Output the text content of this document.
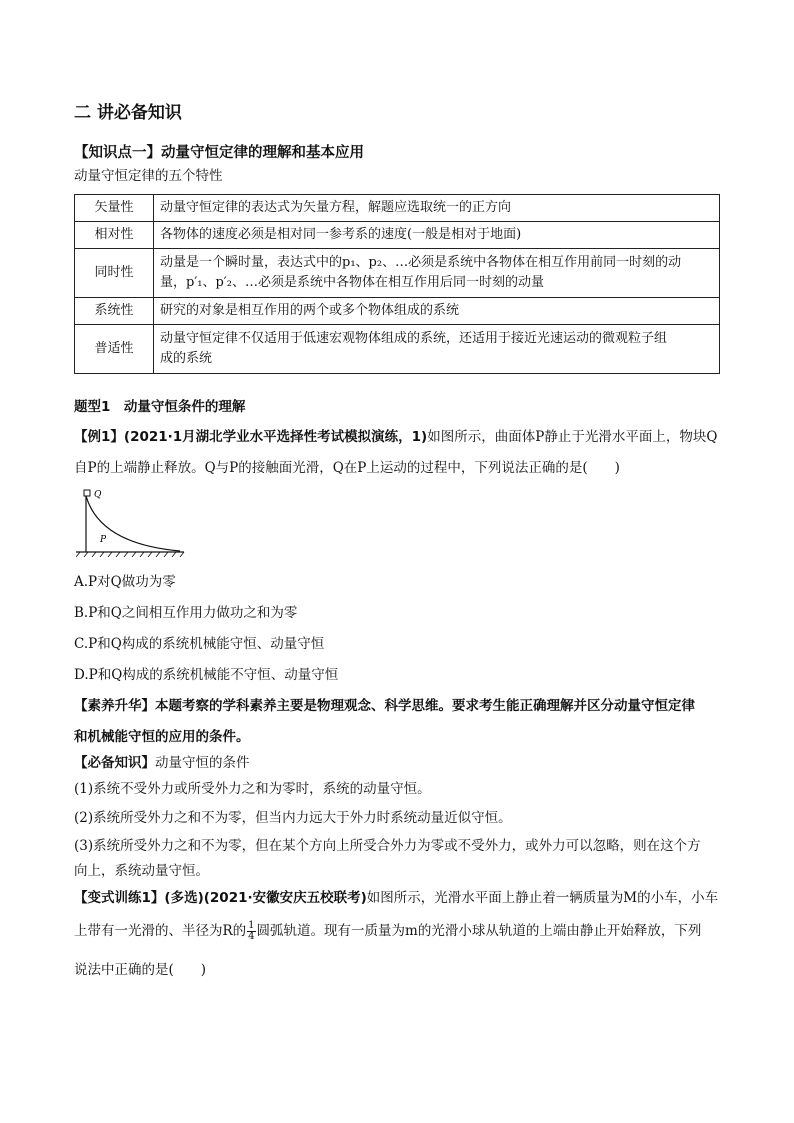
二 讲必备知识
【知识点一】动量守恒定律的理解和基本应用
动量守恒定律的五个特性
矢量性	动量守恒定律的表达式为矢量方程，解题应选取统一的正方向
相对性	各物体的速度必须是相对同一参考系的速度(一般是相对于地面)
同时性	动量是一个瞬时量，表达式中的p₁、p₂、…必须是系统中各物体在相互作用前同一时刻的动
量，p′₁、p′₂、…必须是系统中各物体在相互作用后同一时刻的动量

系统性	研究的对象是相互作用的两个或多个物体组成的系统
普适性	动量守恒定律不仅适用于低速宏观物体组成的系统，还适用于接近光速运动的微观粒子组
成的系统
题型1　动量守恒条件的理解
【例1】(2021·1月湖北学业水平选择性考试模拟演练，1)如图所示，曲面体P静止于光滑水平面上，物块Q
自P的上端静止释放。Q与P的接触面光滑，Q在P上运动的过程中，下列说法正确的是(　　)
Q
P
A.P对Q做功为零
B.P和Q之间相互作用力做功之和为零
C.P和Q构成的系统机械能守恒、动量守恒
D.P和Q构成的系统机械能不守恒、动量守恒
【素养升华】本题考察的学科素养主要是物理观念、科学思维。要求考生能正确理解并区分动量守恒定律
和机械能守恒的应用的条件。
【必备知识】动量守恒的条件
(1)系统不受外力或所受外力之和为零时，系统的动量守恒。
(2)系统所受外力之和不为零，但当内力远大于外力时系统动量近似守恒。
(3)系统所受外力之和不为零，但在某个方向上所受合外力为零或不受外力，或外力可以忽略，则在这个方
向上，系统动量守恒。
【变式训练1】(多选)(2021·安徽安庆五校联考)如图所示，光滑水平面上静止着一辆质量为M的小车，小车
上带有一光滑的、半径为R的 $\frac{1}{4}$ 圆弧轨道。现有一质量为m的光滑小球从轨道的上端由静止开始释放，下列
说法中正确的是(　　)
